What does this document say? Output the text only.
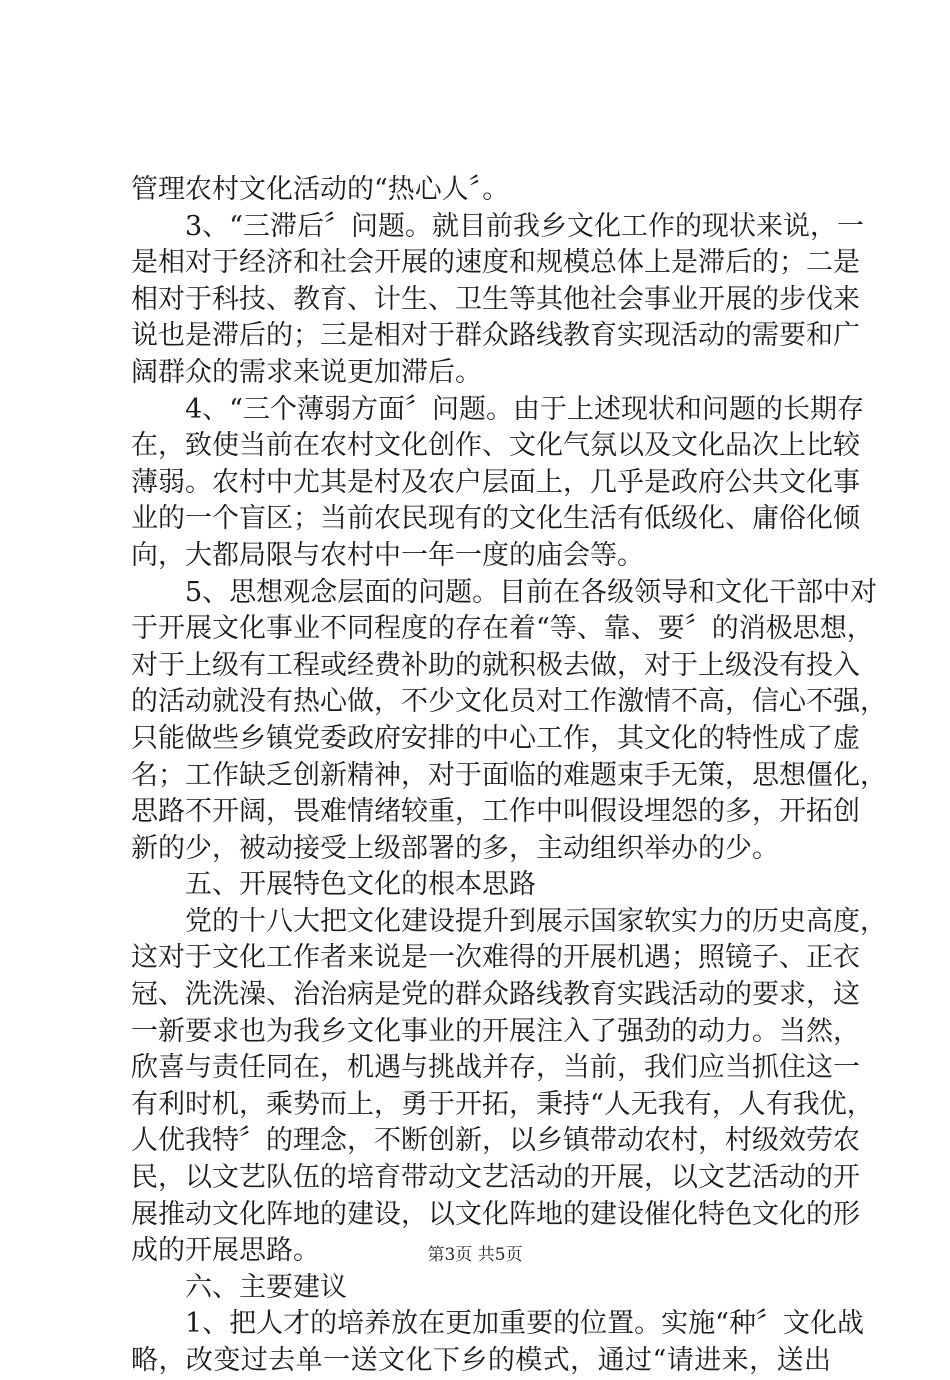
管理农村文化活动的“热心人〞。
3、“三滞后〞问题。就目前我乡文化工作的现状来说，一
是相对于经济和社会开展的速度和规模总体上是滞后的；二是
相对于科技、教育、计生、卫生等其他社会事业开展的步伐来
说也是滞后的；三是相对于群众路线教育实现活动的需要和广
阔群众的需求来说更加滞后。
4、“三个薄弱方面〞问题。由于上述现状和问题的长期存
在，致使当前在农村文化创作、文化气氛以及文化品次上比较
薄弱。农村中尤其是村及农户层面上，几乎是政府公共文化事
业的一个盲区；当前农民现有的文化生活有低级化、庸俗化倾
向，大都局限与农村中一年一度的庙会等。
5、思想观念层面的问题。目前在各级领导和文化干部中对
于开展文化事业不同程度的存在着“等、靠、要〞的消极思想，
对于上级有工程或经费补助的就积极去做，对于上级没有投入
的活动就没有热心做，不少文化员对工作激情不高，信心不强，
只能做些乡镇党委政府安排的中心工作，其文化的特性成了虚
名；工作缺乏创新精神，对于面临的难题束手无策，思想僵化，
思路不开阔，畏难情绪较重，工作中叫假设埋怨的多，开拓创
新的少，被动接受上级部署的多，主动组织举办的少。
五、开展特色文化的根本思路
党的十八大把文化建设提升到展示国家软实力的历史高度，
这对于文化工作者来说是一次难得的开展机遇；照镜子、正衣
冠、洗洗澡、治治病是党的群众路线教育实践活动的要求，这
一新要求也为我乡文化事业的开展注入了强劲的动力。当然，
欣喜与责任同在，机遇与挑战并存，当前，我们应当抓住这一
有利时机，乘势而上，勇于开拓，秉持“人无我有，人有我优，
人优我特〞的理念，不断创新，以乡镇带动农村，村级效劳农
民，以文艺队伍的培育带动文艺活动的开展，以文艺活动的开
展推动文化阵地的建设，以文化阵地的建设催化特色文化的形
成的开展思路。
六、主要建议
1、把人才的培养放在更加重要的位置。实施“种〞文化战
略，改变过去单一送文化下乡的模式，通过“请进来，送出
第3页 共5页
